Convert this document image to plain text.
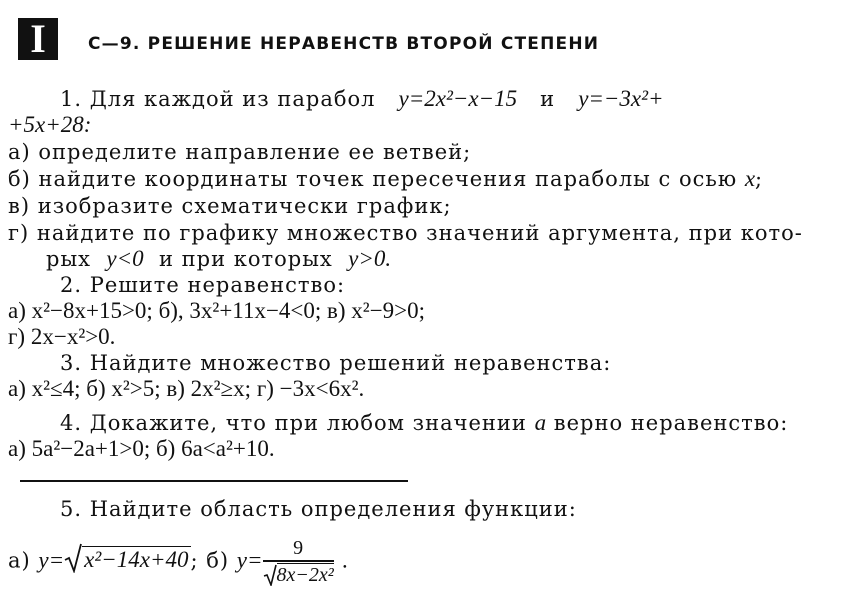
I	С—9. РЕШЕНИЕ НЕРАВЕНСТВ ВТОРОЙ СТЕПЕНИ
1. Для каждой из парабол y=2x²−x−15 и y=−3x²+
+5x+28:
а) определите направление ее ветвей;
б) найдите координаты точек пересечения параболы с осью x;
в) изобразите схематически график;
г) найдите по графику множество значений аргумента, при кото-
рых y<0 и при которых y>0.
2. Решите неравенство:
а) x²−8x+15>0; б), 3x²+11x−4<0; в) x²−9>0;
г) 2x−x²>0.
3. Найдите множество решений неравенства:
а) x²≤4; б) x²>5; в) 2x²≥x; г) −3x<6x².
4. Докажите, что при любом значении a верно неравенство:
а) 5a²−2a+1>0; б) 6a<a²+10.
5. Найдите область определения функции:
а) y= x²−14x+40; б) $y= \frac{9}{\text{8x−2x²}}$ .
